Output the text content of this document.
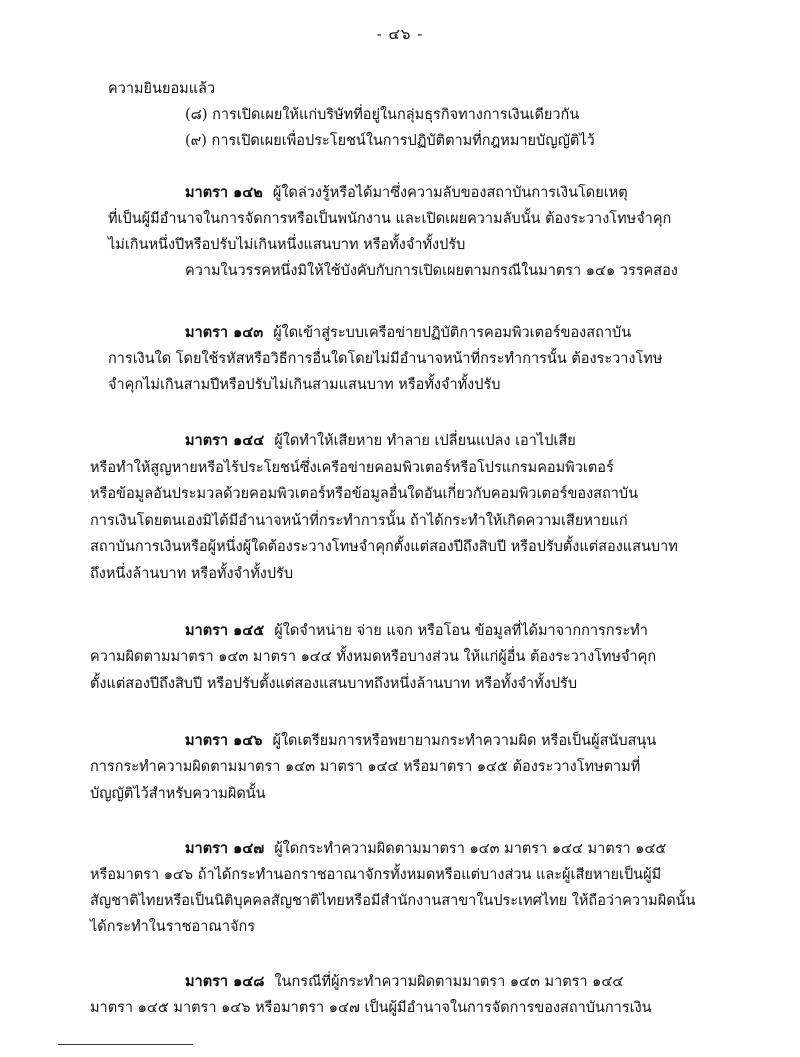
- ๔๖ -
ความยินยอมแล้ว
(๘) การเปิดเผยให้แก่บริษัทที่อยู่ในกลุ่มธุรกิจทางการเงินเดียวกัน
(๙) การเปิดเผยเพื่อประโยชน์ในการปฏิบัติตามที่กฎหมายบัญญัติไว้
มาตรา ๑๔๒ ผู้ใดล่วงรู้หรือได้มาซึ่งความลับของสถาบันการเงินโดยเหตุ
ที่เป็นผู้มีอำนาจในการจัดการหรือเป็นพนักงาน และเปิดเผยความลับนั้น ต้องระวางโทษจำคุก
ไม่เกินหนึ่งปีหรือปรับไม่เกินหนึ่งแสนบาท หรือทั้งจำทั้งปรับ
ความในวรรคหนึ่งมิให้ใช้บังคับกับการเปิดเผยตามกรณีในมาตรา ๑๔๑ วรรคสอง
มาตรา ๑๔๓ ผู้ใดเข้าสู่ระบบเครือข่ายปฏิบัติการคอมพิวเตอร์ของสถาบัน
การเงินใด โดยใช้รหัสหรือวิธีการอื่นใดโดยไม่มีอำนาจหน้าที่กระทำการนั้น ต้องระวางโทษ
จำคุกไม่เกินสามปีหรือปรับไม่เกินสามแสนบาท หรือทั้งจำทั้งปรับ
มาตรา ๑๔๔ ผู้ใดทำให้เสียหาย ทำลาย เปลี่ยนแปลง เอาไปเสีย
หรือทำให้สูญหายหรือไร้ประโยชน์ซึ่งเครือข่ายคอมพิวเตอร์หรือโปรแกรมคอมพิวเตอร์
หรือข้อมูลอันประมวลด้วยคอมพิวเตอร์หรือข้อมูลอื่นใดอันเกี่ยวกับคอมพิวเตอร์ของสถาบัน
การเงินโดยตนเองมิได้มีอำนาจหน้าที่กระทำการนั้น ถ้าได้กระทำให้เกิดความเสียหายแก่
สถาบันการเงินหรือผู้หนึ่งผู้ใดต้องระวางโทษจำคุกตั้งแต่สองปีถึงสิบปี หรือปรับตั้งแต่สองแสนบาท
ถึงหนึ่งล้านบาท หรือทั้งจำทั้งปรับ
มาตรา ๑๔๕ ผู้ใดจำหน่าย จ่าย แจก หรือโอน ข้อมูลที่ได้มาจากการกระทำ
ความผิดตามมาตรา ๑๔๓ มาตรา ๑๔๔ ทั้งหมดหรือบางส่วน ให้แก่ผู้อื่น ต้องระวางโทษจำคุก
ตั้งแต่สองปีถึงสิบปี หรือปรับตั้งแต่สองแสนบาทถึงหนึ่งล้านบาท หรือทั้งจำทั้งปรับ
มาตรา ๑๔๖ ผู้ใดเตรียมการหรือพยายามกระทำความผิด หรือเป็นผู้สนับสนุน
การกระทำความผิดตามมาตรา ๑๔๓ มาตรา ๑๔๔ หรือมาตรา ๑๔๕ ต้องระวางโทษตามที่
บัญญัติไว้สำหรับความผิดนั้น
มาตรา ๑๔๗ ผู้ใดกระทำความผิดตามมาตรา ๑๔๓ มาตรา ๑๔๔ มาตรา ๑๔๕
หรือมาตรา ๑๔๖ ถ้าได้กระทำนอกราชอาณาจักรทั้งหมดหรือแต่บางส่วน และผู้เสียหายเป็นผู้มี
สัญชาติไทยหรือเป็นนิติบุคคลสัญชาติไทยหรือมีสำนักงานสาขาในประเทศไทย ให้ถือว่าความผิดนั้น
ได้กระทำในราชอาณาจักร
มาตรา ๑๔๘ ในกรณีที่ผู้กระทำความผิดตามมาตรา ๑๔๓ มาตรา ๑๔๔
มาตรา ๑๔๕ มาตรา ๑๔๖ หรือมาตรา ๑๔๗ เป็นผู้มีอำนาจในการจัดการของสถาบันการเงิน
